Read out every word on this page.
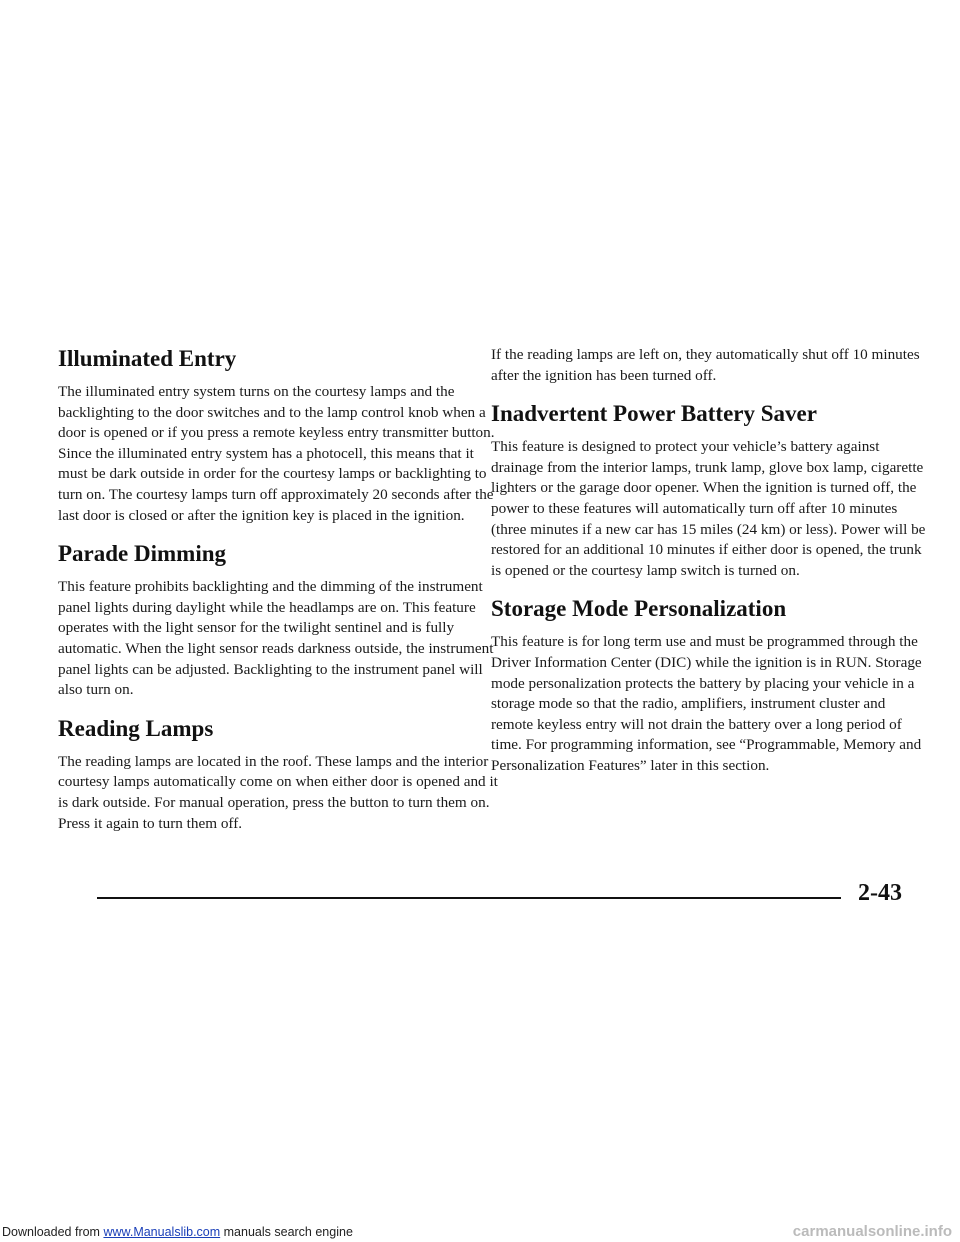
Illuminated Entry

The illuminated entry system turns on the courtesy lamps and the backlighting to the door switches and to the lamp control knob when a door is opened or if you press a remote keyless entry transmitter button. Since the illuminated entry system has a photocell, this means that it must be dark outside in order for the courtesy lamps or backlighting to turn on. The courtesy lamps turn off approximately 20 seconds after the last door is closed or after the ignition key is placed in the ignition.

Parade Dimming

This feature prohibits backlighting and the dimming of the instrument panel lights during daylight while the headlamps are on. This feature operates with the light sensor for the twilight sentinel and is fully automatic. When the light sensor reads darkness outside, the instrument panel lights can be adjusted. Backlighting to the instrument panel will also turn on.

Reading Lamps

The reading lamps are located in the roof. These lamps and the interior courtesy lamps automatically come on when either door is opened and it is dark outside. For manual operation, press the button to turn them on. Press it again to turn them off.

If the reading lamps are left on, they automatically shut off 10 minutes after the ignition has been turned off.

Inadvertent Power Battery Saver

This feature is designed to protect your vehicle’s battery against drainage from the interior lamps, trunk lamp, glove box lamp, cigarette lighters or the garage door opener. When the ignition is turned off, the power to these features will automatically turn off after 10 minutes (three minutes if a new car has 15 miles (24 km) or less). Power will be restored for an additional 10 minutes if either door is opened, the trunk is opened or the courtesy lamp switch is turned on.

Storage Mode Personalization

This feature is for long term use and must be programmed through the Driver Information Center (DIC) while the ignition is in RUN. Storage mode personalization protects the battery by placing your vehicle in a storage mode so that the radio, amplifiers, instrument cluster and remote keyless entry will not drain the battery over a long period of time. For programming information, see “Programmable, Memory and Personalization Features” later in this section.

2-43
Downloaded from www.Manualslib.com manuals search engine	carmanualsonline.info
